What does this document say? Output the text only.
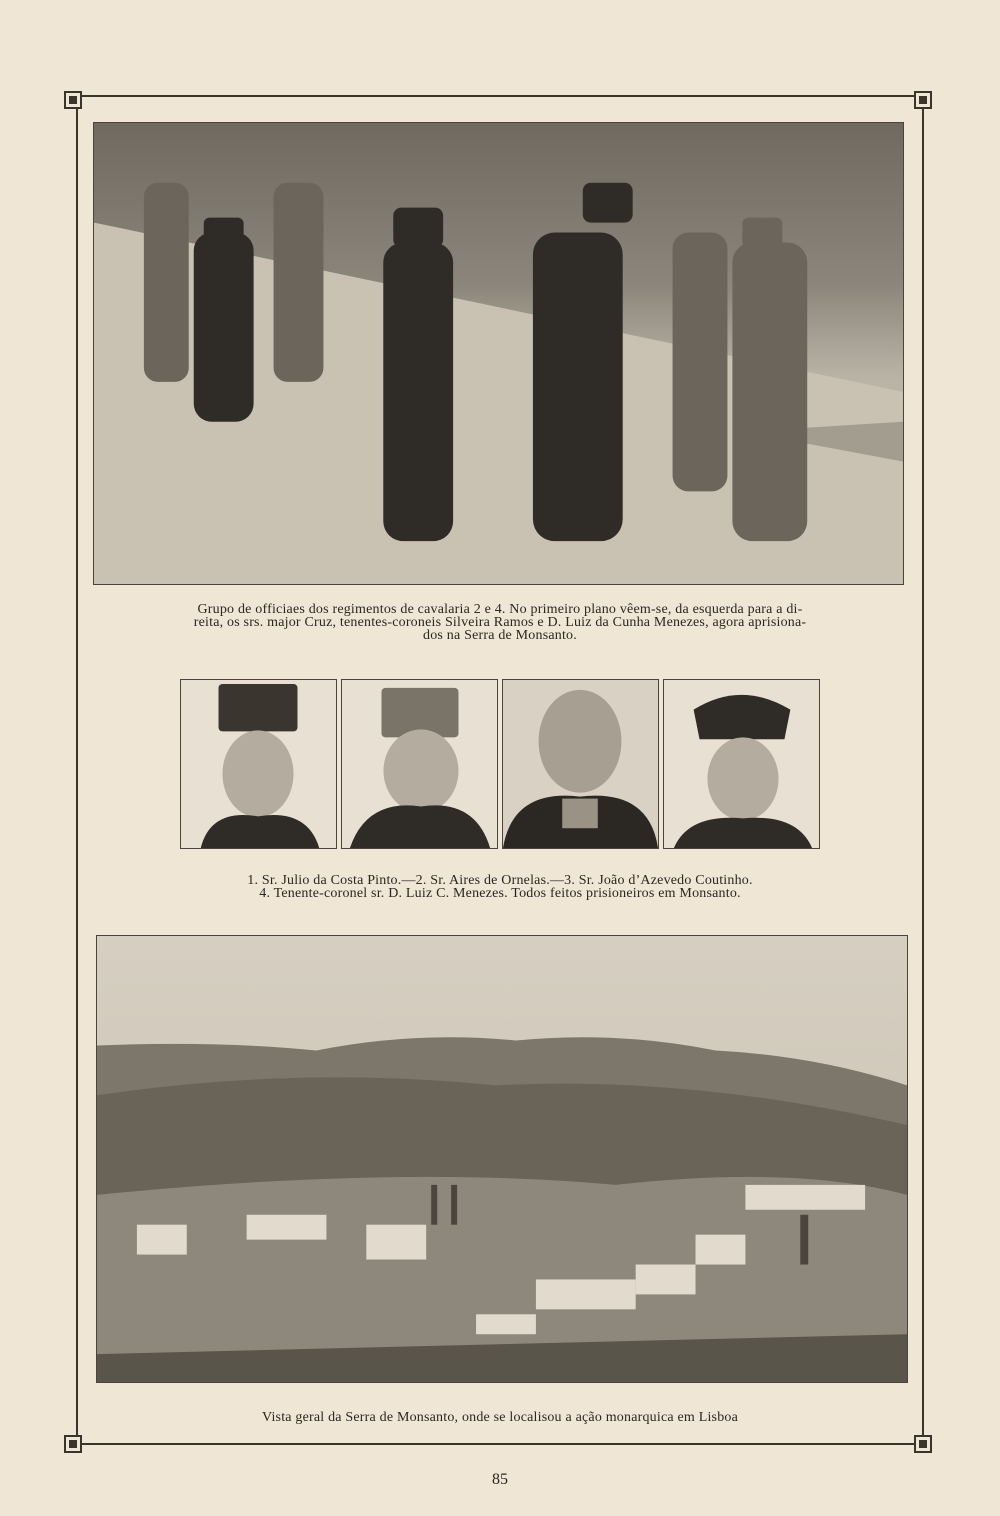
Grupo de officiaes dos regimentos de cavalaria 2 e 4. No primeiro plano vêem-se, da esquerda para a di-
reita, os srs. major Cruz, tenentes-coroneis Silveira Ramos e D. Luiz da Cunha Menezes, agora aprisiona-
dos na Serra de Monsanto.
1. Sr. Julio da Costa Pinto.—2. Sr. Aires de Ornelas.—3. Sr. João d’Azevedo Coutinho.
4. Tenente-coronel sr. D. Luiz C. Menezes. Todos feitos prisioneiros em Monsanto.
Vista geral da Serra de Monsanto, onde se localisou a ação monarquica em Lisboa
85
